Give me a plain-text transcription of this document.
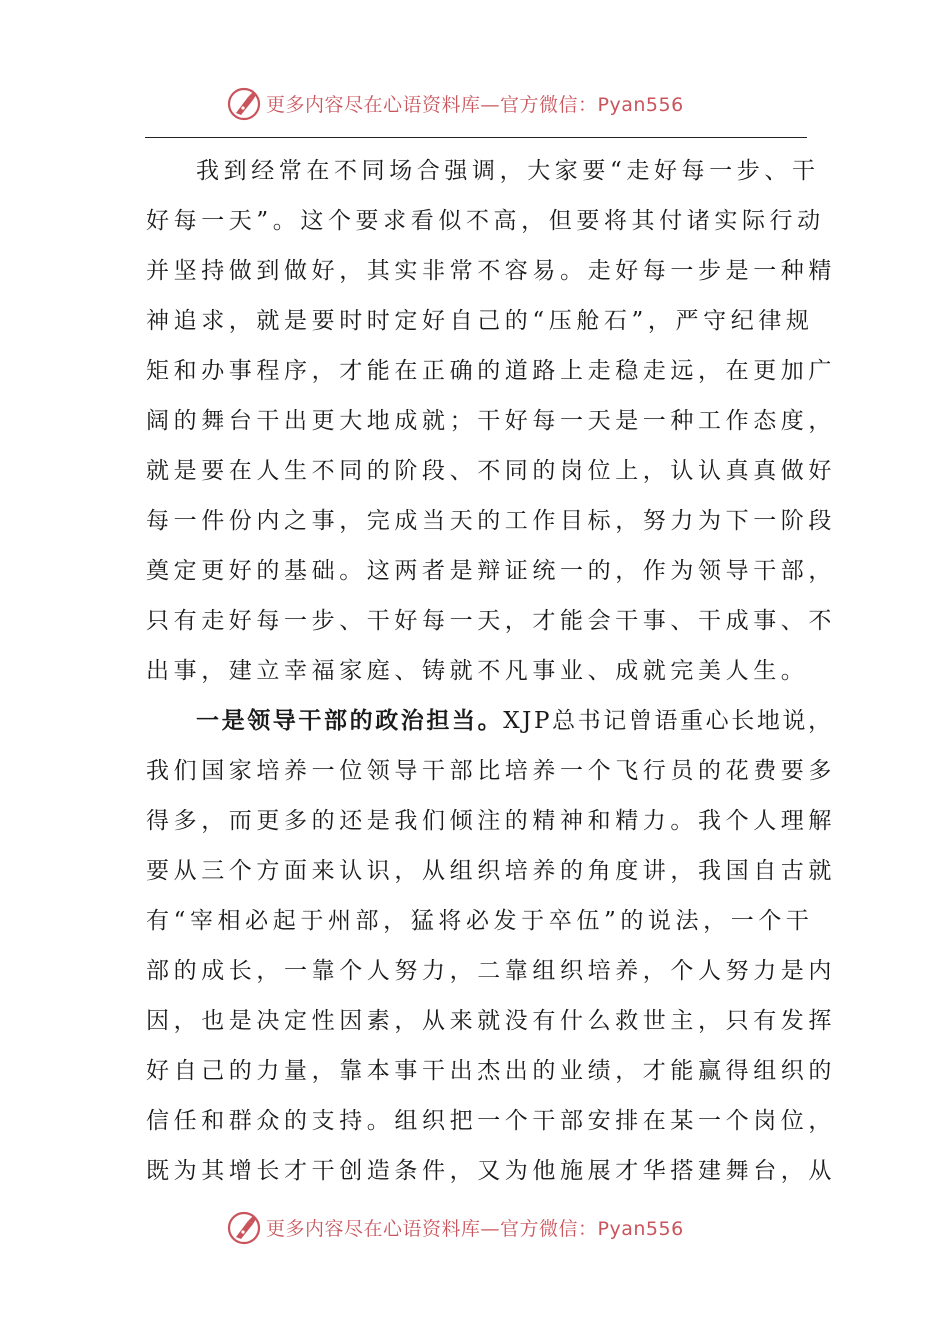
更多内容尽在心语资料库—官方微信：Pyan556
我到经常在不同场合强调，大家要“走好每一步、干
好每一天”。这个要求看似不高，但要将其付诸实际行动
并坚持做到做好，其实非常不容易。走好每一步是一种精
神追求，就是要时时定好自己的“压舱石”，严守纪律规
矩和办事程序，才能在正确的道路上走稳走远，在更加广
阔的舞台干出更大地成就；干好每一天是一种工作态度，
就是要在人生不同的阶段、不同的岗位上，认认真真做好
每一件份内之事，完成当天的工作目标，努力为下一阶段
奠定更好的基础。这两者是辩证统一的，作为领导干部，
只有走好每一步、干好每一天，才能会干事、干成事、不
出事，建立幸福家庭、铸就不凡事业、成就完美人生。
一是领导干部的政治担当。XJP总书记曾语重心长地说，
我们国家培养一位领导干部比培养一个飞行员的花费要多
得多，而更多的还是我们倾注的精神和精力。我个人理解
要从三个方面来认识，从组织培养的角度讲，我国自古就
有“宰相必起于州部，猛将必发于卒伍”的说法，一个干
部的成长，一靠个人努力，二靠组织培养，个人努力是内
因，也是决定性因素，从来就没有什么救世主，只有发挥
好自己的力量，靠本事干出杰出的业绩，才能赢得组织的
信任和群众的支持。组织把一个干部安排在某一个岗位，
既为其增长才干创造条件，又为他施展才华搭建舞台，从
更多内容尽在心语资料库—官方微信：Pyan556
